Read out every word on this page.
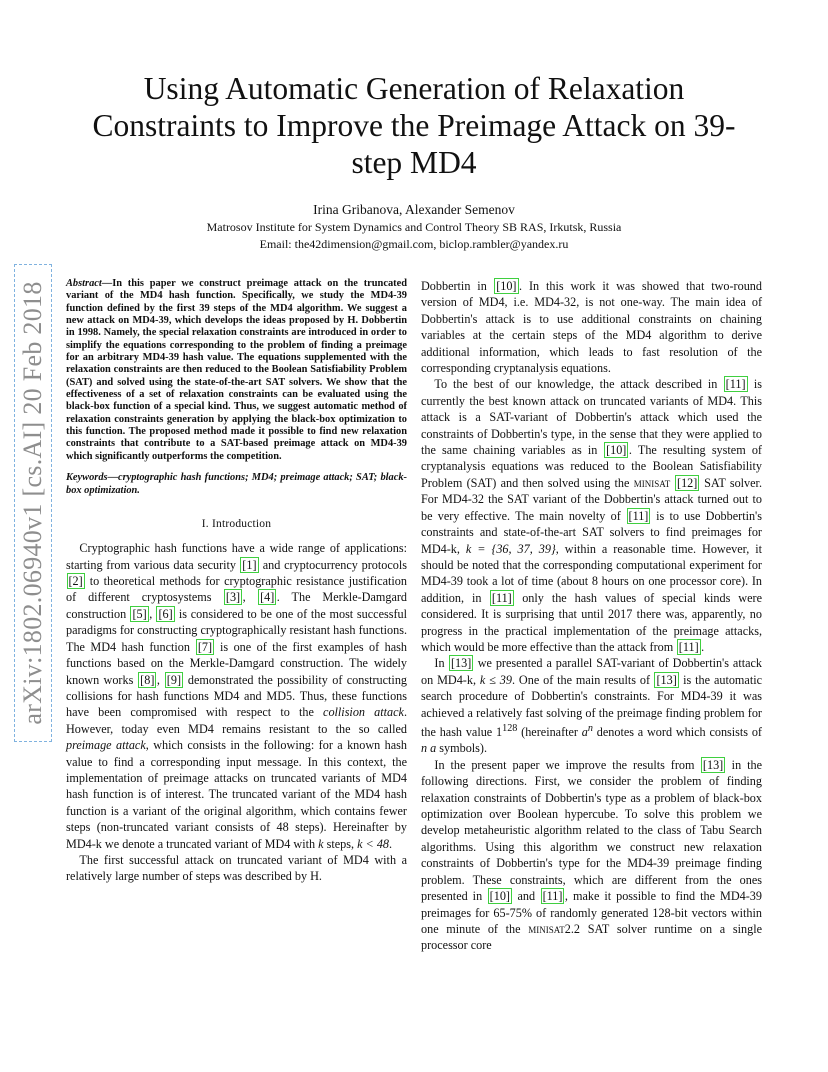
Using Automatic Generation of Relaxation Constraints to Improve the Preimage Attack on 39-step MD4
Irina Gribanova, Alexander Semenov
Matrosov Institute for System Dynamics and Control Theory SB RAS, Irkutsk, Russia
Email: the42dimension@gmail.com, biclop.rambler@yandex.ru
arXiv:1802.06940v1 [cs.AI] 20 Feb 2018 Abstract—In this paper we construct preimage attack on the truncated variant of the MD4 hash function. Specifically, we study the MD4-39 function defined by the first 39 steps of the MD4 algorithm. We suggest a new attack on MD4-39, which develops the ideas proposed by H. Dobbertin in 1998. Namely, the special relaxation constraints are introduced in order to simplify the equations corresponding to the problem of finding a preimage for an arbitrary MD4-39 hash value. The equations supplemented with the relaxation constraints are then reduced to the Boolean Satisfiability Problem (SAT) and solved using the state-of-the-art SAT solvers. We show that the effectiveness of a set of relaxation constraints can be evaluated using the black-box function of a special kind. Thus, we suggest automatic method of relaxation constraints generation by applying the black-box optimization to this function. The proposed method made it possible to find new relaxation constraints that contribute to a SAT-based preimage attack on MD4-39 which significantly outperforms the competition.

Keywords—cryptographic hash functions; MD4; preimage attack; SAT; black-box optimization.

I. Introduction

Cryptographic hash functions have a wide range of applications: starting from various data security [1] and cryptocurrency protocols [2] to theoretical methods for cryptographic resistance justification of different cryptosystems [3] , [4] . The Merkle-Damgard construction [5] , [6] is considered to be one of the most successful paradigms for constructing cryptographically resistant hash functions. The MD4 hash function [7] is one of the first examples of hash functions based on the Merkle-Damgard construction. The widely known works [8] , [9] demonstrated the possibility of constructing collisions for hash functions MD4 and MD5. Thus, these functions have been compromised with respect to the collision attack. However, today even MD4 remains resistant to the so called preimage attack, which consists in the following: for a known hash value to find a corresponding input message. In this context, the implementation of preimage attacks on truncated variants of MD4 hash function is of interest. The truncated variant of the MD4 hash function is a variant of the original algorithm, which contains fewer steps (non-truncated variant consists of 48 steps). Hereinafter by MD4-k we denote a truncated variant of MD4 with k steps, k < 48.

The first successful attack on truncated variant of MD4 with a relatively large number of steps was described by H.

Dobbertin in [10] . In this work it was showed that two-round version of MD4, i.e. MD4-32, is not one-way. The main idea of Dobbertin's attack is to use additional constraints on chaining variables at the certain steps of the MD4 algorithm to derive additional information, which leads to fast resolution of the corresponding cryptanalysis equations.

To the best of our knowledge, the attack described in [11] is currently the best known attack on truncated variants of MD4. This attack is a SAT-variant of Dobbertin's attack which used the constraints of Dobbertin's type, in the sense that they were applied to the same chaining variables as in [10] . The resulting system of cryptanalysis equations was reduced to the Boolean Satisfiability Problem (SAT) and then solved using the minisat [12] SAT solver. For MD4-32 the SAT variant of the Dobbertin's attack turned out to be very effective. The main novelty of [11] is to use Dobbertin's constraints and state-of-the-art SAT solvers to find preimages for MD4-k, k = {36, 37, 39}, within a reasonable time. However, it should be noted that the corresponding computational experiment for MD4-39 took a lot of time (about 8 hours on one processor core). In addition, in [11] only the hash values of special kinds were considered. It is surprising that until 2017 there was, apparently, no progress in the practical implementation of the preimage attacks, which would be more effective than the attack from [11] .

In [13] we presented a parallel SAT-variant of Dobbertin's attack on MD4-k, k ≤ 39. One of the main results of [13] is the automatic search procedure of Dobbertin's constraints. For MD4-39 it was achieved a relatively fast solving of the preimage finding problem for the hash value $1^{128}$ (hereinafter $a^n$ denotes a word which consists of n a symbols).

In the present paper we improve the results from [13] in the following directions. First, we consider the problem of finding relaxation constraints of Dobbertin's type as a problem of black-box optimization over Boolean hypercube. To solve this problem we develop metaheuristic algorithm related to the class of Tabu Search algorithms. Using this algorithm we construct new relaxation constraints of Dobbertin's type for the MD4-39 preimage finding problem. These constraints, which are different from the ones presented in [10] and [11] , make it possible to find the MD4-39 preimages for 65-75% of randomly generated 128-bit vectors within one minute of the minisat2.2 SAT solver runtime on a single processor core
